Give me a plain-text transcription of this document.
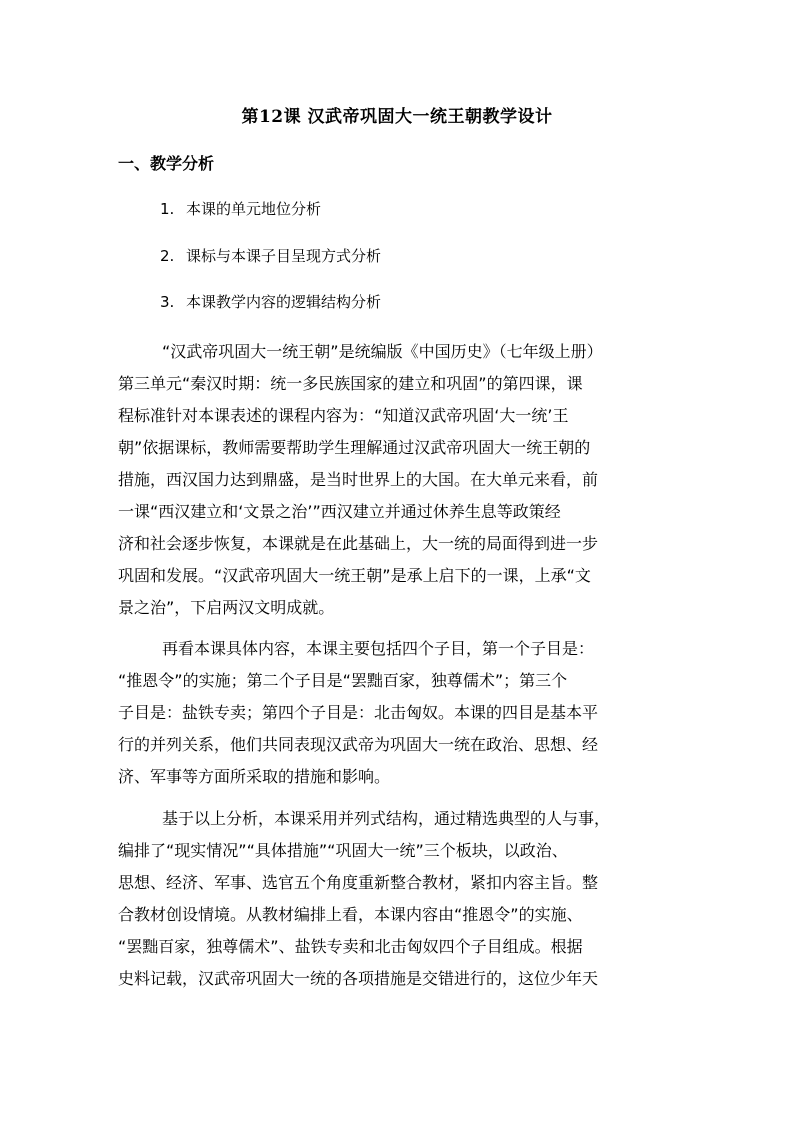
第12课 汉武帝巩固大一统王朝教学设计
一、教学分析
1. 本课的单元地位分析
2. 课标与本课子目呈现方式分析
3. 本课教学内容的逻辑结构分析
“汉武帝巩固大一统王朝”是统编版《中国历史》（七年级上册）
第三单元“秦汉时期：统一多民族国家的建立和巩固”的第四课，课
程标准针对本课表述的课程内容为：“知道汉武帝巩固‘大一统’王
朝”依据课标，教师需要帮助学生理解通过汉武帝巩固大一统王朝的
措施，西汉国力达到鼎盛，是当时世界上的大国。在大单元来看，前
一课“西汉建立和‘文景之治’”西汉建立并通过休养生息等政策经
济和社会逐步恢复，本课就是在此基础上，大一统的局面得到进一步
巩固和发展。“汉武帝巩固大一统王朝”是承上启下的一课，上承“文
景之治”，下启两汉文明成就。
再看本课具体内容，本课主要包括四个子目，第一个子目是：
“推恩令”的实施；第二个子目是“罢黜百家，独尊儒术”；第三个
子目是：盐铁专卖；第四个子目是：北击匈奴。本课的四目是基本平
行的并列关系，他们共同表现汉武帝为巩固大一统在政治、思想、经
济、军事等方面所采取的措施和影响。
基于以上分析，本课采用并列式结构，通过精选典型的人与事，
编排了“现实情况”“具体措施”“巩固大一统”三个板块，以政治、
思想、经济、军事、选官五个角度重新整合教材，紧扣内容主旨。整
合教材创设情境。从教材编排上看，本课内容由“推恩令”的实施、
“罢黜百家，独尊儒术”、盐铁专卖和北击匈奴四个子目组成。根据
史料记载，汉武帝巩固大一统的各项措施是交错进行的，这位少年天
